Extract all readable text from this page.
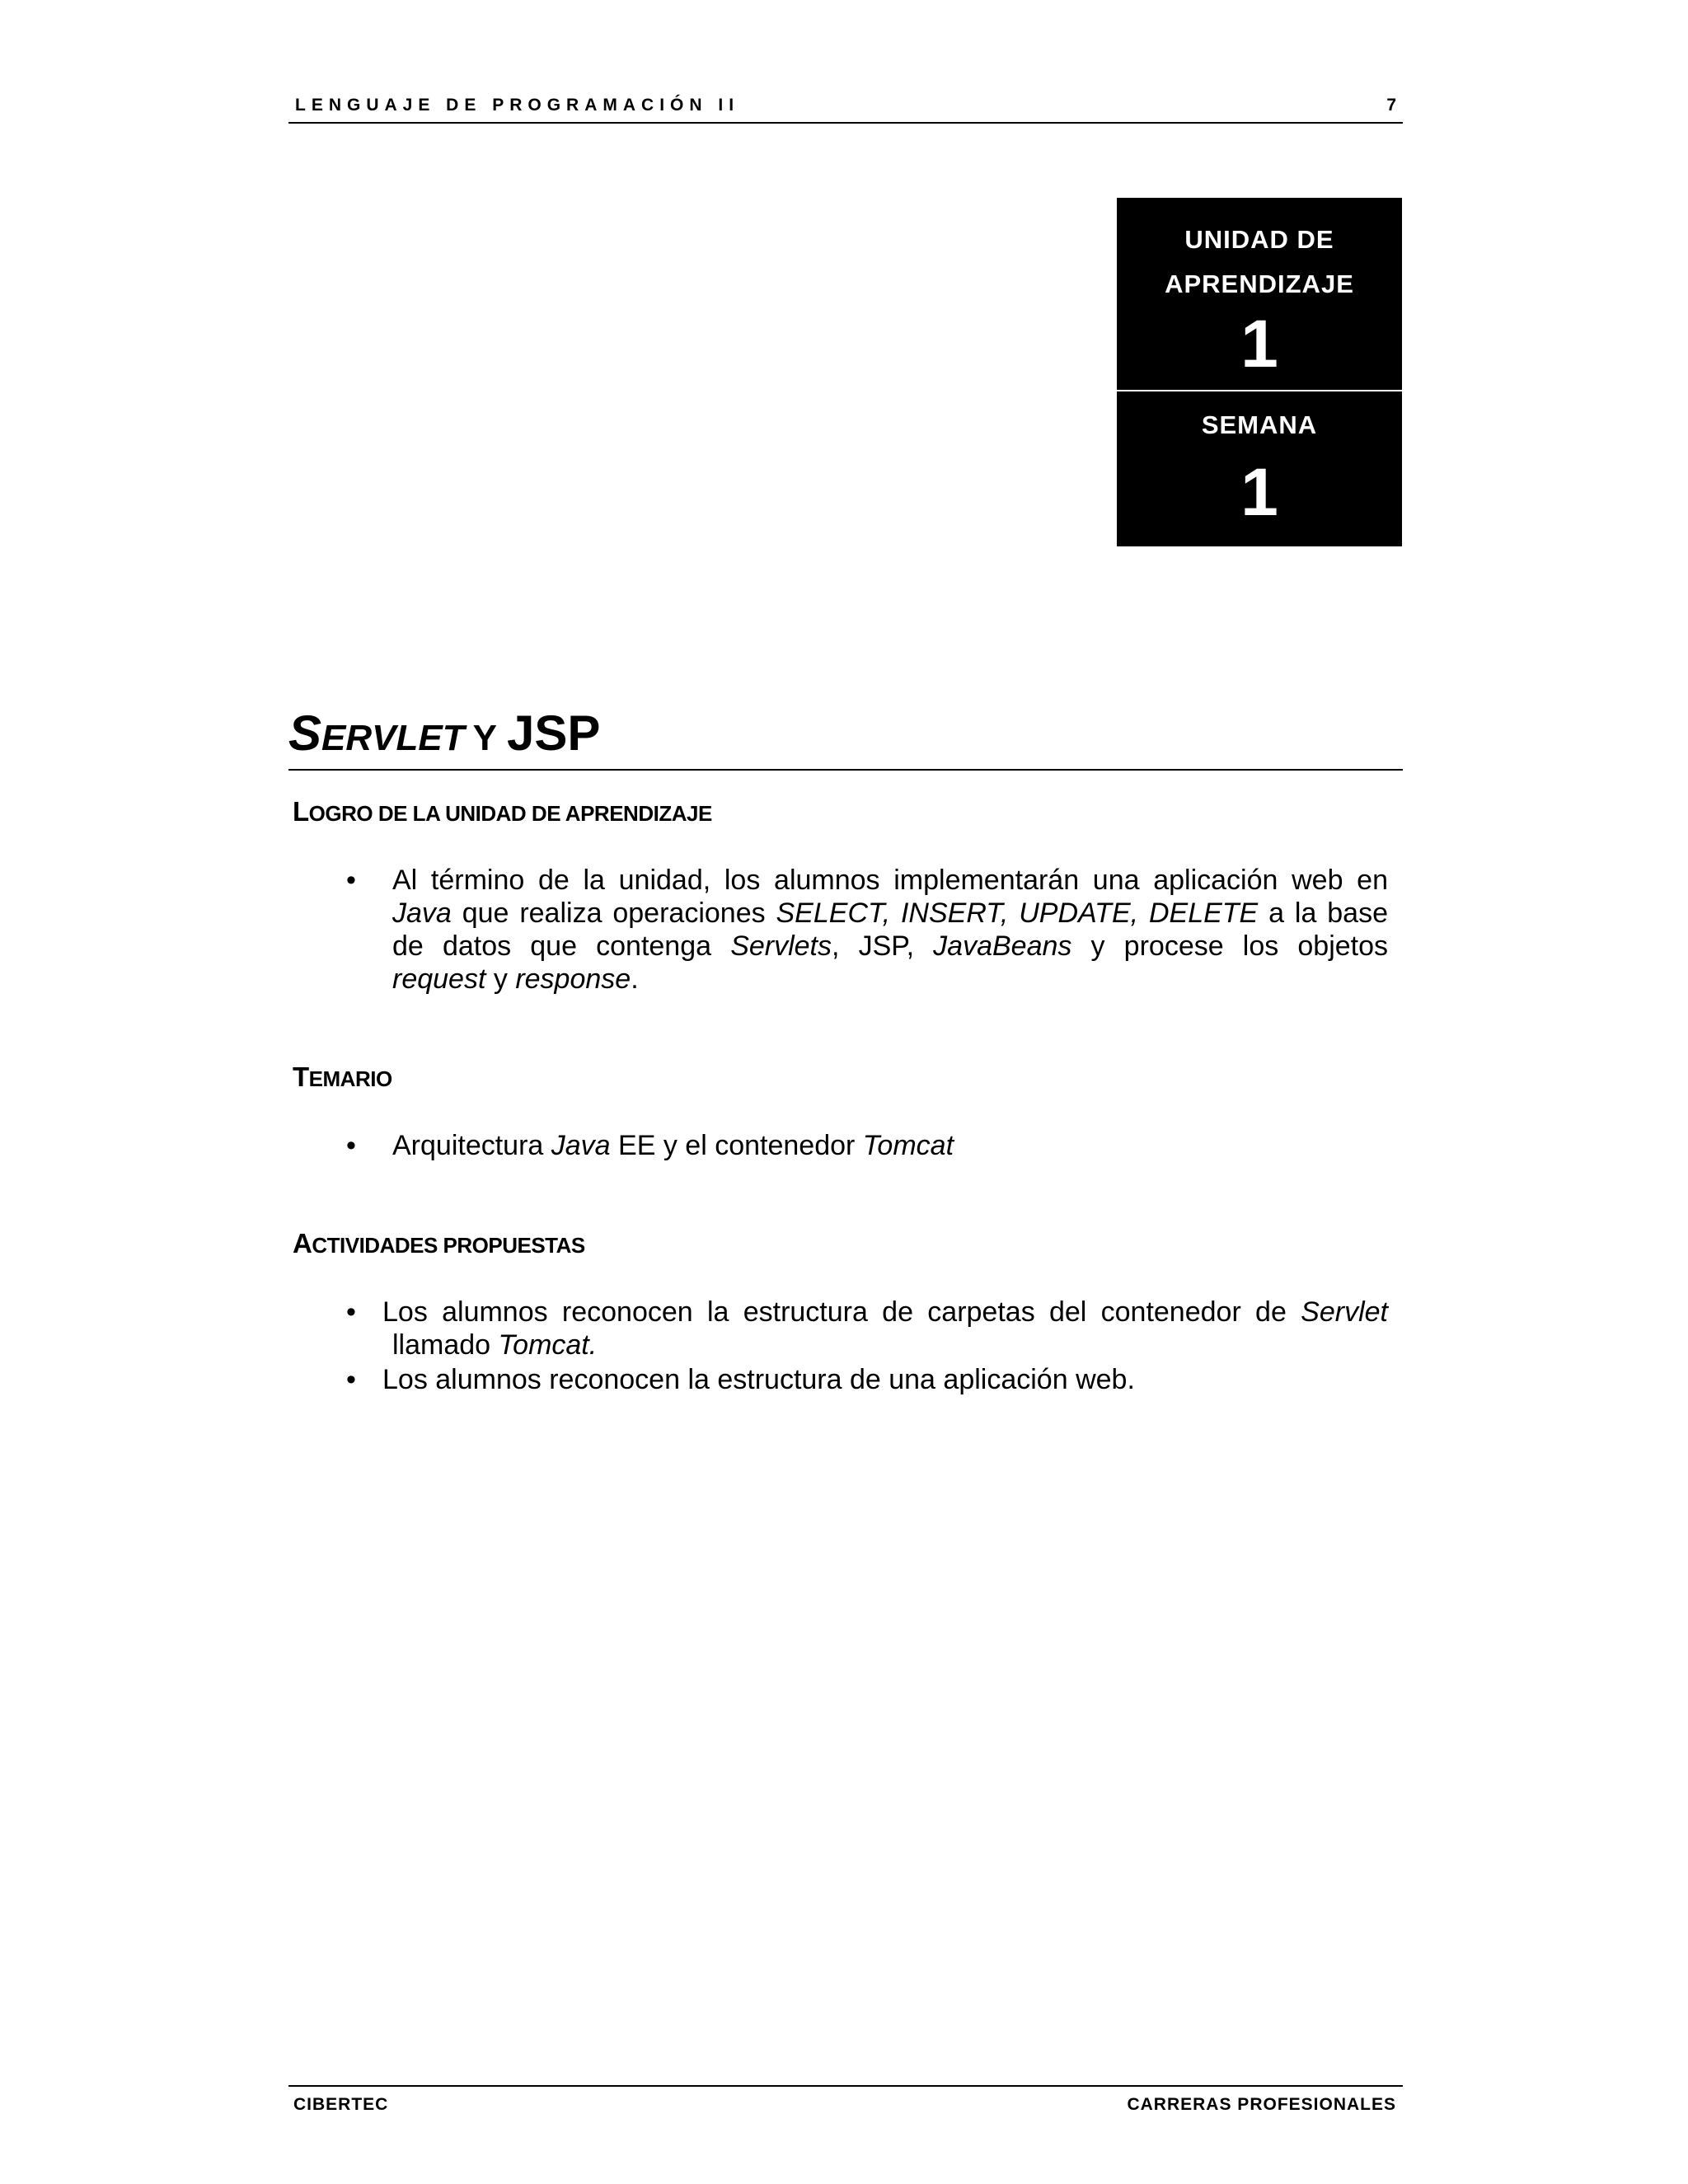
LENGUAJE DE PROGRAMACIÓN II	7
UNIDAD DE
APRENDIZAJE
1
SEMANA
1
SERVLET Y JSP
LOGRO DE LA UNIDAD DE APRENDIZAJE
• Al término de la unidad, los alumnos implementarán una aplicación web en
Java que realiza operaciones SELECT, INSERT, UPDATE, DELETE a la base
de datos que contenga Servlets, JSP, JavaBeans y procese los objetos
request y response.
TEMARIO
• Arquitectura Java EE y el contenedor Tomcat
ACTIVIDADES PROPUESTAS
• Los alumnos reconocen la estructura de carpetas del contenedor de Servlet
llamado Tomcat.
• Los alumnos reconocen la estructura de una aplicación web.
CIBERTEC	CARRERAS PROFESIONALES
